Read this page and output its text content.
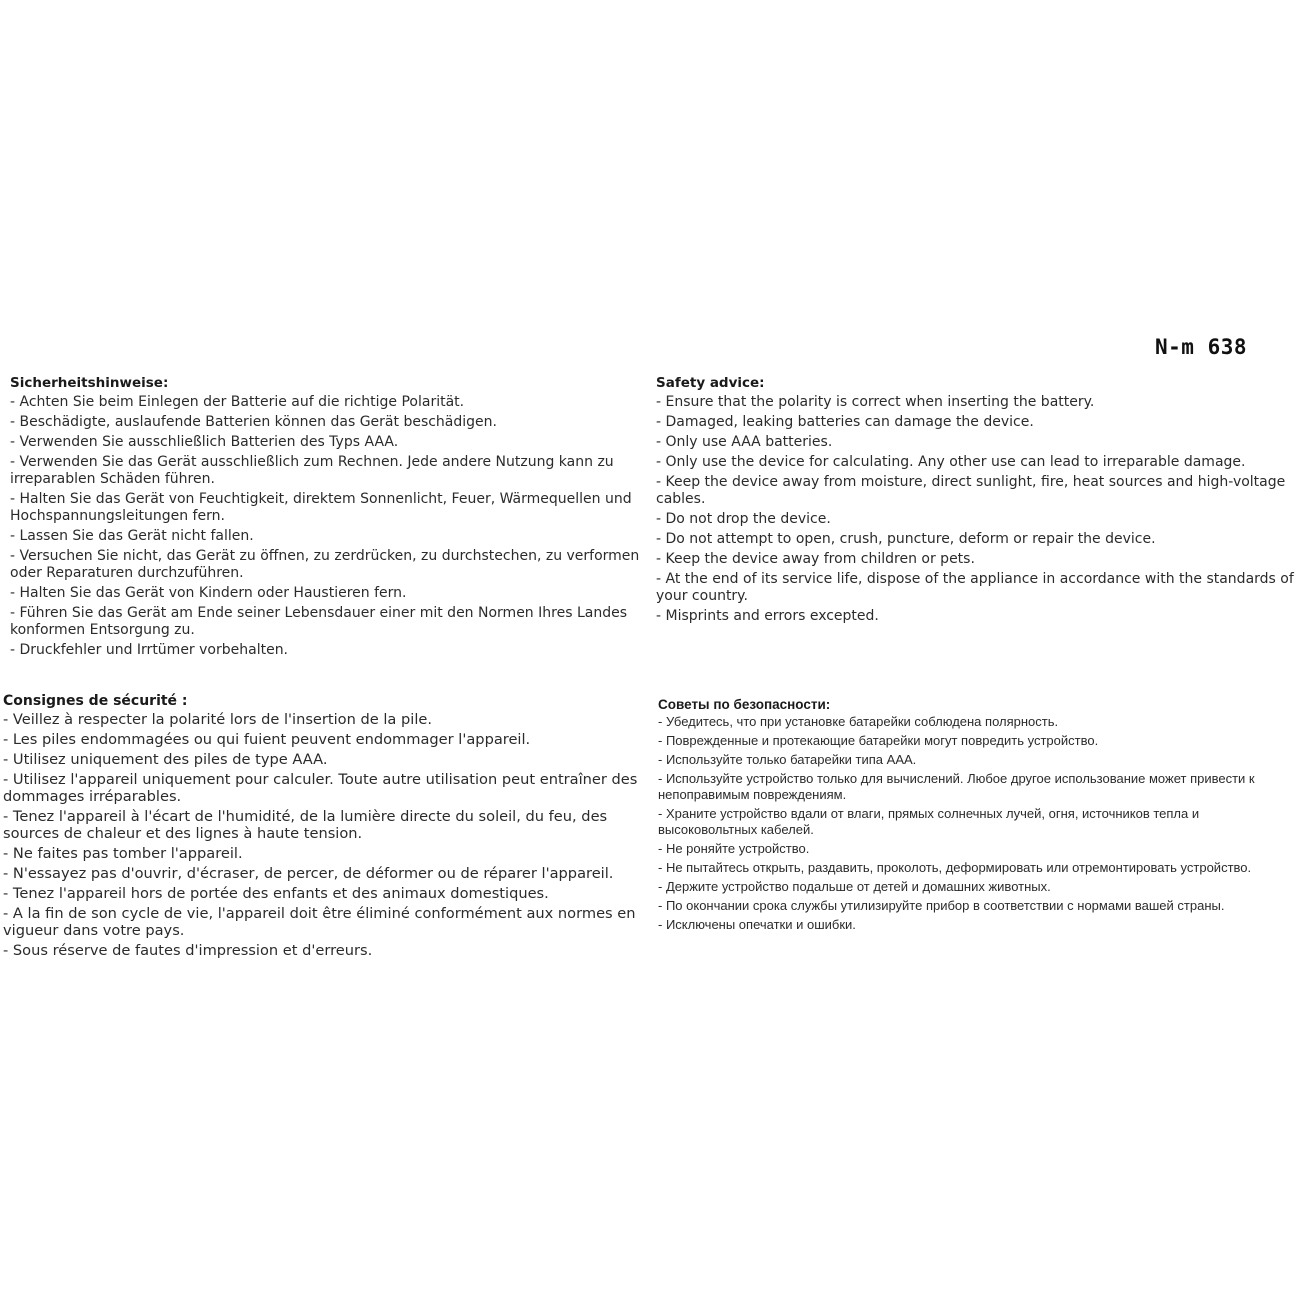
N-m 638
Sicherheitshinweise:
- Achten Sie beim Einlegen der Batterie auf die richtige Polarität.
- Beschädigte, auslaufende Batterien können das Gerät beschädigen.
- Verwenden Sie ausschließlich Batterien des Typs AAA.
- Verwenden Sie das Gerät ausschließlich zum Rechnen. Jede andere Nutzung kann zu irreparablen Schäden führen.
- Halten Sie das Gerät von Feuchtigkeit, direktem Sonnenlicht, Feuer, Wärmequellen und Hochspannungsleitungen fern.
- Lassen Sie das Gerät nicht fallen.
- Versuchen Sie nicht, das Gerät zu öffnen, zu zerdrücken, zu durchstechen, zu verformen oder Reparaturen durchzuführen.
- Halten Sie das Gerät von Kindern oder Haustieren fern.
- Führen Sie das Gerät am Ende seiner Lebensdauer einer mit den Normen Ihres Landes konformen Entsorgung zu.
- Druckfehler und Irrtümer vorbehalten.
Safety advice:
- Ensure that the polarity is correct when inserting the battery.
- Damaged, leaking batteries can damage the device.
- Only use AAA batteries.
- Only use the device for calculating. Any other use can lead to irreparable damage.
- Keep the device away from moisture, direct sunlight, fire, heat sources and high-voltage cables.
- Do not drop the device.
- Do not attempt to open, crush, puncture, deform or repair the device.
- Keep the device away from children or pets.
- At the end of its service life, dispose of the appliance in accordance with the standards of your country.
- Misprints and errors excepted.
Consignes de sécurité :
- Veillez à respecter la polarité lors de l'insertion de la pile.
- Les piles endommagées ou qui fuient peuvent endommager l'appareil.
- Utilisez uniquement des piles de type AAA.
- Utilisez l'appareil uniquement pour calculer. Toute autre utilisation peut entraîner des dommages irréparables.
- Tenez l'appareil à l'écart de l'humidité, de la lumière directe du soleil, du feu, des sources de chaleur et des lignes à haute tension.
- Ne faites pas tomber l'appareil.
- N'essayez pas d'ouvrir, d'écraser, de percer, de déformer ou de réparer l'appareil.
- Tenez l'appareil hors de portée des enfants et des animaux domestiques.
- A la fin de son cycle de vie, l'appareil doit être éliminé conformément aux normes en vigueur dans votre pays.
- Sous réserve de fautes d'impression et d'erreurs.
Советы по безопасности:
- Убедитесь, что при установке батарейки соблюдена полярность.
- Поврежденные и протекающие батарейки могут повредить устройство.
- Используйте только батарейки типа AAA.
- Используйте устройство только для вычислений. Любое другое использование может привести к непоправимым повреждениям.
- Храните устройство вдали от влаги, прямых солнечных лучей, огня, источников тепла и высоковольтных кабелей.
- Не роняйте устройство.
- Не пытайтесь открыть, раздавить, проколоть, деформировать или отремонтировать устройство.
- Держите устройство подальше от детей и домашних животных.
- По окончании срока службы утилизируйте прибор в соответствии с нормами вашей страны.
- Исключены опечатки и ошибки.
